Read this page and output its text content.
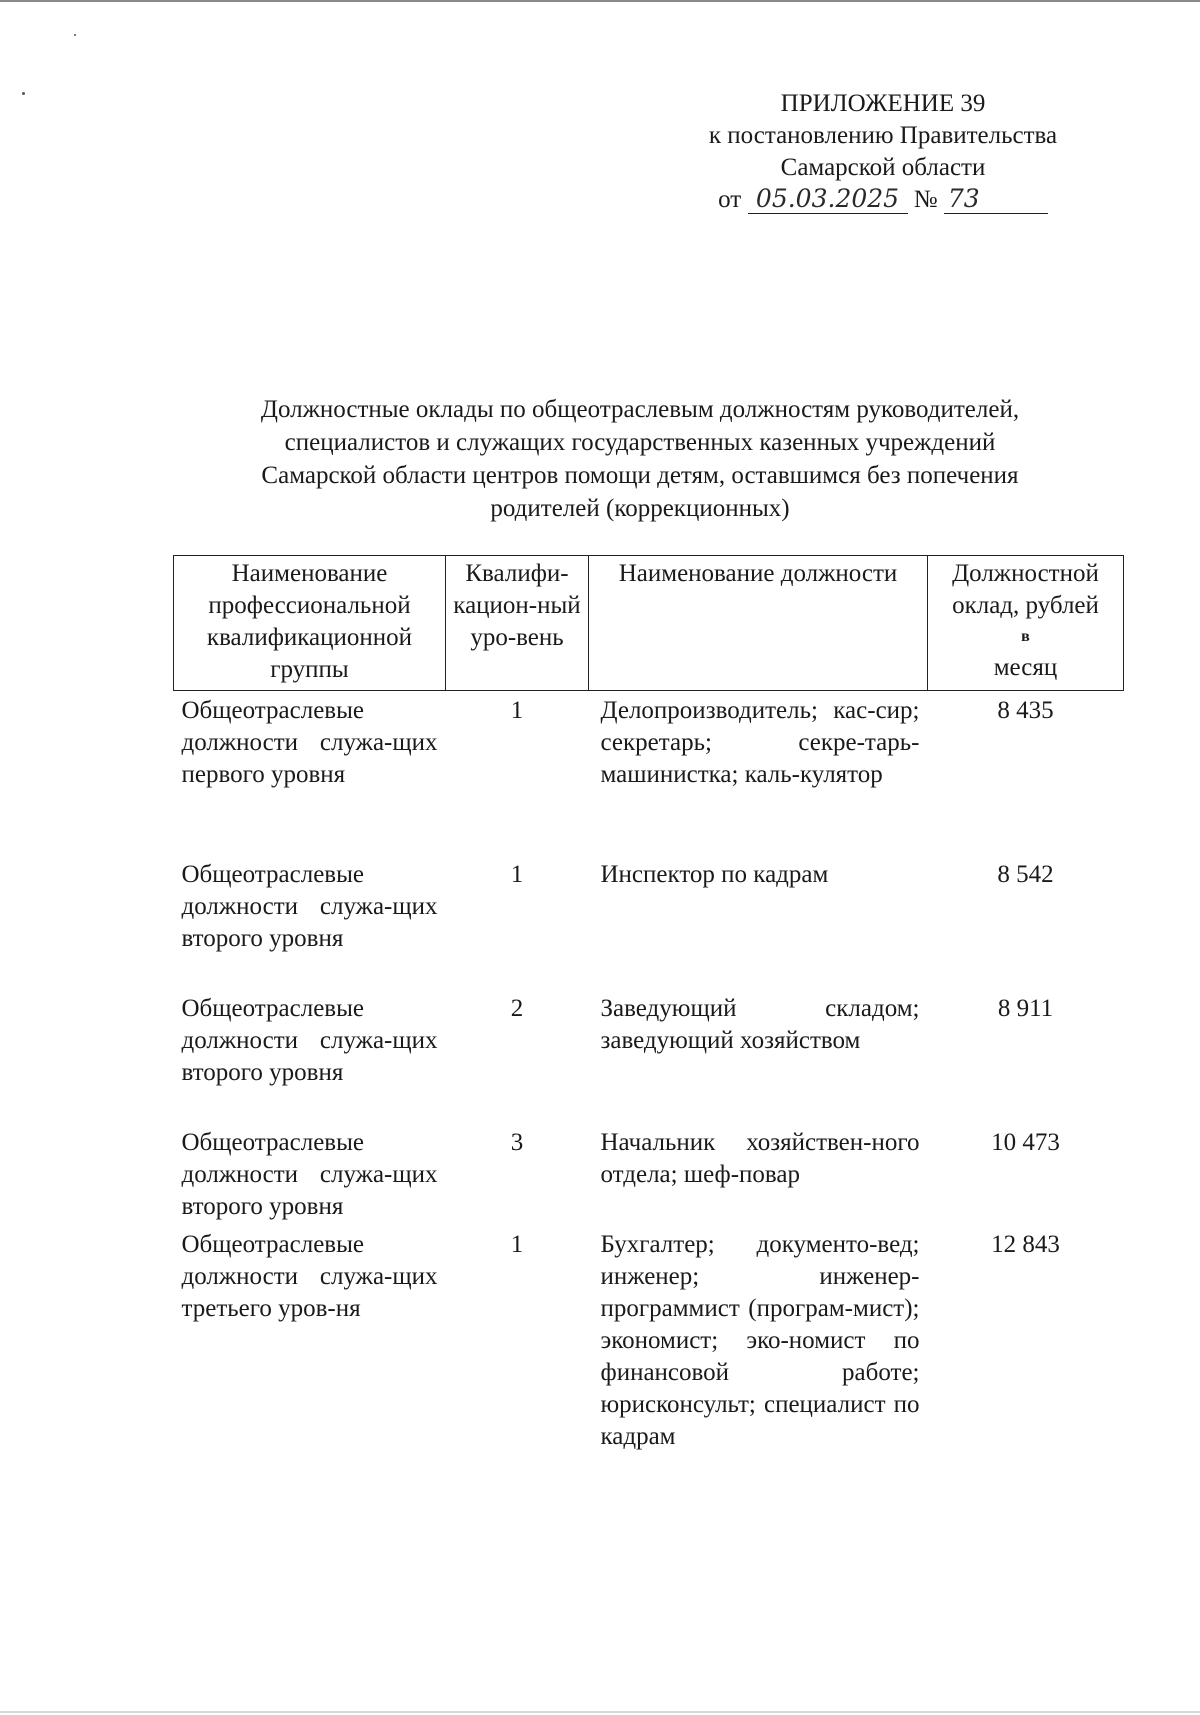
ПРИЛОЖЕНИЕ 39
к постановлению Правительства
Самарской области
от 05.03.2025 № 73
Должностные оклады по общеотраслевым должностям руководителей,
специалистов и служащих государственных казенных учреждений
Самарской области центров помощи детям, оставшимся без попечения
родителей (коррекционных)
Наименование профессиональной квалификационной группы	Квалифи-кацион-ный уро-вень	Наименование должности	Должностной оклад, рублей
в
месяц

Общеотраслевые должности служа-щих первого уровня	1	Делопроизводитель; кас-сир; секретарь; секре-тарь-машинистка; каль-кулятор	8 435
Общеотраслевые должности служа-щих второго уровня	1	Инспектор по кадрам	8 542
Общеотраслевые должности служа-щих второго уровня	2	Заведующий складом; заведующий хозяйством	8 911
Общеотраслевые должности служа-щих второго уровня	3	Начальник хозяйствен-ного отдела; шеф-повар	10 473
Общеотраслевые должности служа-щих третьего уров-ня	1	Бухгалтер; документо-вед; инженер; инженер-программист (програм-мист); экономист; эко-номист по финансовой работе; юрисконсульт; специалист по кадрам	12 843
